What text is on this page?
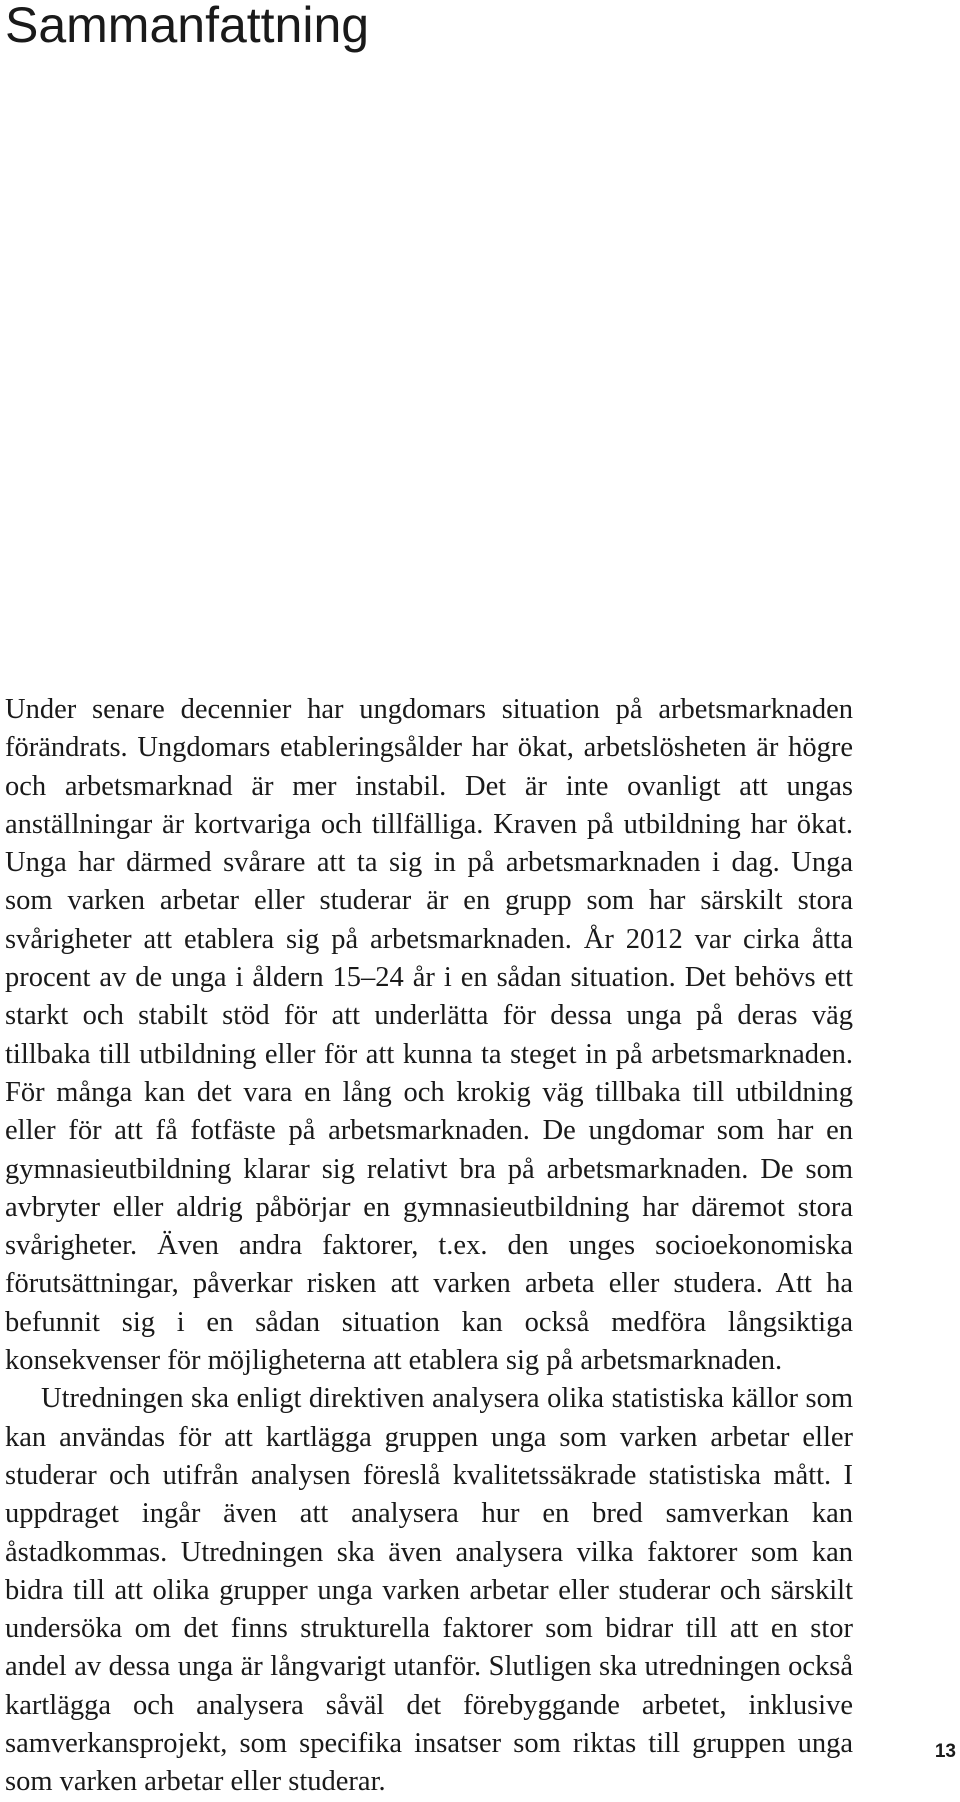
Sammanfattning

Under senare decennier har ungdomars situation på arbetsmarknaden förändrats. Ungdomars etableringsålder har ökat, arbetslösheten är högre och arbetsmarknad är mer instabil. Det är inte ovanligt att ungas anställningar är kortvariga och tillfälliga. Kraven på utbildning har ökat. Unga har därmed svårare att ta sig in på arbetsmarknaden i dag. Unga som varken arbetar eller studerar är en grupp som har särskilt stora svårigheter att etablera sig på arbetsmarknaden. År 2012 var cirka åtta procent av de unga i åldern 15–24 år i en sådan situation. Det behövs ett starkt och stabilt stöd för att underlätta för dessa unga på deras väg tillbaka till utbildning eller för att kunna ta steget in på arbetsmarknaden. För många kan det vara en lång och krokig väg tillbaka till utbildning eller för att få fotfäste på arbetsmarknaden. De ungdomar som har en gymnasieutbildning klarar sig relativt bra på arbetsmarknaden. De som avbryter eller aldrig påbörjar en gymnasieutbildning har däremot stora svårigheter. Även andra faktorer, t.ex. den unges socioekonomiska förutsättningar, påverkar risken att varken arbeta eller studera. Att ha befunnit sig i en sådan situation kan också medföra långsiktiga konsekvenser för möjligheterna att etablera sig på arbetsmarknaden.

Utredningen ska enligt direktiven analysera olika statistiska källor som kan användas för att kartlägga gruppen unga som varken arbetar eller studerar och utifrån analysen föreslå kvalitetssäkrade statistiska mått. I uppdraget ingår även att analysera hur en bred samverkan kan åstadkommas. Utredningen ska även analysera vilka faktorer som kan bidra till att olika grupper unga varken arbetar eller studerar och särskilt undersöka om det finns strukturella faktorer som bidrar till att en stor andel av dessa unga är långvarigt utanför. Slutligen ska utredningen också kartlägga och analysera såväl det förebyggande arbetet, inklusive samverkansprojekt, som specifika insatser som riktas till gruppen unga som varken arbetar eller studerar.

13
